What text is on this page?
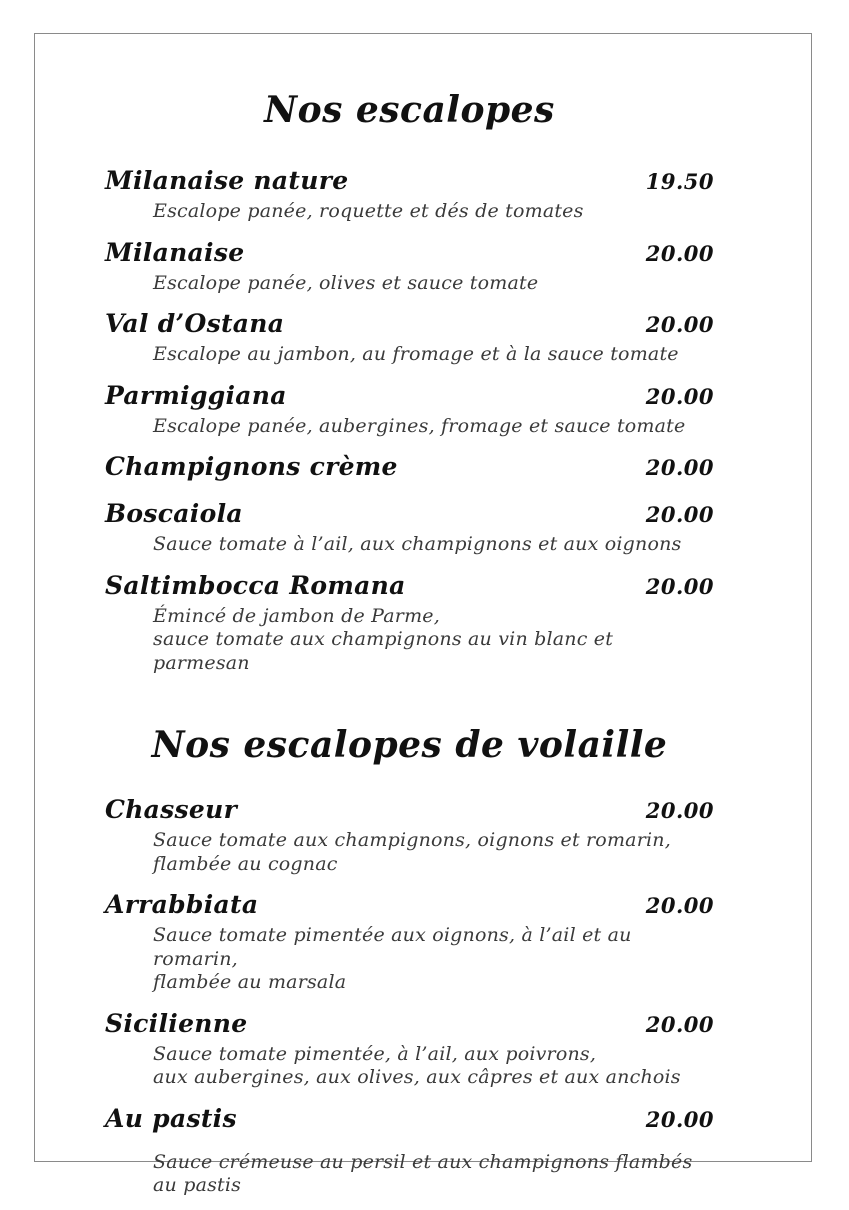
Nos escalopes
Milanaise nature	19.50
Escalope panée, roquette et dés de tomates
Milanaise	20.00
Escalope panée, olives et sauce tomate
Val d’Ostana	20.00
Escalope au jambon, au fromage et à la sauce tomate
Parmiggiana	20.00
Escalope panée, aubergines, fromage et sauce tomate
Champignons crème	20.00
Boscaiola	20.00
Sauce tomate à l’ail, aux champignons et aux oignons
Saltimbocca Romana	20.00
Émincé de jambon de Parme,
sauce tomate aux champignons au vin blanc et parmesan
Nos escalopes de volaille
Chasseur	20.00
Sauce tomate aux champignons, oignons et romarin,
flambée au cognac
Arrabbiata	20.00
Sauce tomate pimentée aux oignons, à l’ail et au romarin,
flambée au marsala
Sicilienne	20.00
Sauce tomate pimentée, à l’ail, aux poivrons,
aux aubergines, aux olives, aux câpres et aux anchois
Au pastis	20.00
Sauce crémeuse au persil et aux champignons flambés au pastis
